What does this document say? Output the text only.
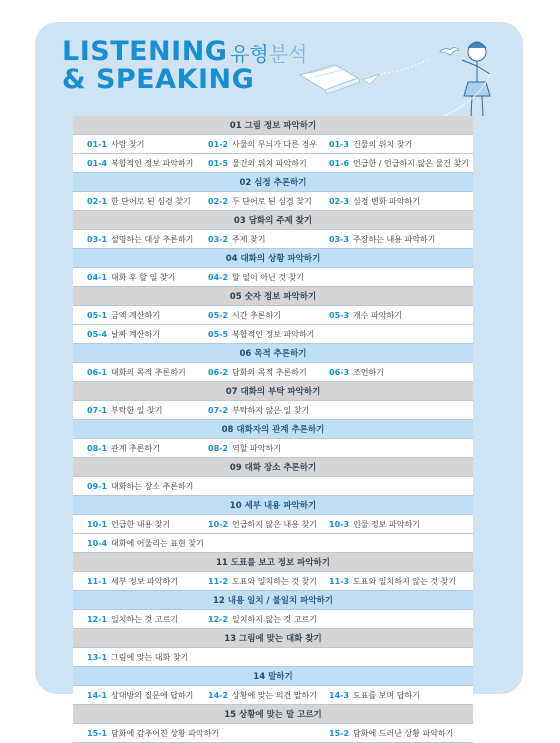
LISTENING
& SPEAKING
유형분석
01 그림 정보 파악하기
01-1 사람 찾기	01-2 사물의 무늬가 다른 경우 01-3 건물의 위치 찾기
01-4 복합적인 정보 파악하기 01-5 물건의 위치 파악하기	01-6 언급한 / 언급하지 않은 물건 찾기
02 심정 추론하기
02-1 한 단어로 된 심경 찾기 02-2 두 단어로 된 심경 찾기 02-3 심경 변화 파악하기
03 담화의 주제 찾기
03-1 설명하는 대상 추론하기 03-2 주제 찾기	03-3 주장하는 내용 파악하기
04 대화의 상황 파악하기
04-1 대화 후 할 일 찾기	04-2 할 일이 아닌 것 찾기
05 숫자 정보 파악하기
05-1 금액 계산하기	05-2 시간 추론하기	05-3 개수 파악하기
05-4 날짜 계산하기	05-5 복합적인 정보 파악하기
06 목적 추론하기
06-1 대화의 목적 추론하기	06-2 담화의 목적 추론하기	06-3 조언하기
07 대화의 부탁 파악하기
07-1 부탁한 일 찾기	07-2 부탁하지 않은 일 찾기
08 대화자의 관계 추론하기
08-1 관계 추론하기	08-2 역할 파악하기
09 대화 장소 추론하기
09-1 대화하는 장소 추론하기
10 세부 내용 파악하기
10-1 언급한 내용 찾기	10-2 언급하지 않은 내용 찾기 10-3 인물 정보 파악하기
10-4 대화에 어울리는 표현 찾기
11 도표를 보고 정보 파악하기
11-1 세부 정보 파악하기	11-2 도표와 일치하는 것 찾기 11-3 도표와 일치하지 않는 것 찾기
12 내용 일치 / 불일치 파악하기
12-1 일치하는 것 고르기	12-2 일치하지 않는 것 고르기
13 그림에 맞는 대화 찾기
13-1 그림에 맞는 대화 찾기
14 말하기
14-1 상대방의 질문에 답하기 14-2 상황에 맞는 의견 말하기 14-3 도표를 보며 답하기
15 상황에 맞는 말 고르기
15-1 담화에 감추어진 상황 파악하기	15-2 담화에 드러난 상황 파악하기
